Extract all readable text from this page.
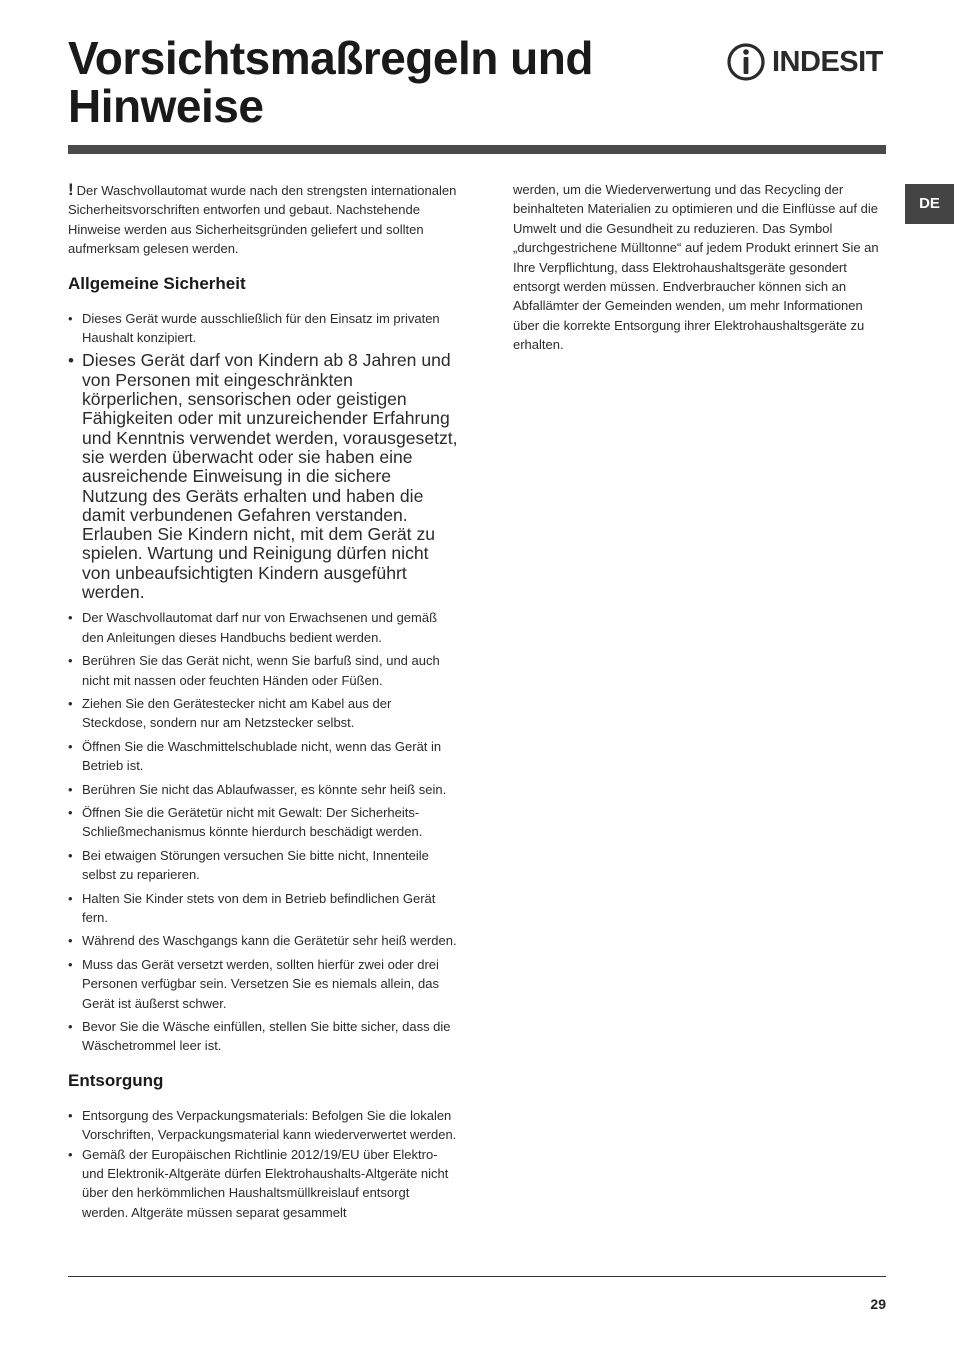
Vorsichtsmaßregeln und
Hinweise
INDESIT
DE

! Der Waschvollautomat wurde nach den strengsten internationalen Sicherheitsvorschriften entworfen und gebaut. Nachstehende Hinweise werden aus Sicherheitsgründen geliefert und sollten aufmerksam gelesen werden.

Allgemeine Sicherheit
• Dieses Gerät wurde ausschließlich für den Einsatz im privaten Haushalt konzipiert.
• Dieses Gerät darf von Kindern ab 8 Jahren und von Personen mit eingeschränkten körperlichen, sensorischen oder geistigen Fähigkeiten oder mit unzureichender Erfahrung und Kenntnis verwendet werden, vorausgesetzt, sie werden überwacht oder sie haben eine ausreichende Einweisung in die sichere Nutzung des Geräts erhalten und haben die damit verbundenen Gefahren verstanden. Erlauben Sie Kindern nicht, mit dem Gerät zu spielen. Wartung und Reinigung dürfen nicht von unbeaufsichtigten Kindern ausgeführt werden.
• Der Waschvollautomat darf nur von Erwachsenen und gemäß den Anleitungen dieses Handbuchs bedient werden.
• Berühren Sie das Gerät nicht, wenn Sie barfuß sind, und auch nicht mit nassen oder feuchten Händen oder Füßen.
• Ziehen Sie den Gerätestecker nicht am Kabel aus der Steckdose, sondern nur am Netzstecker selbst.
• Öffnen Sie die Waschmittelschublade nicht, wenn das Gerät in Betrieb ist.
• Berühren Sie nicht das Ablaufwasser, es könnte sehr heiß sein.
• Öffnen Sie die Gerätetür nicht mit Gewalt: Der Sicherheits-Schließmechanismus könnte hierdurch beschädigt werden.
• Bei etwaigen Störungen versuchen Sie bitte nicht, Innenteile selbst zu reparieren.
• Halten Sie Kinder stets von dem in Betrieb befindlichen Gerät fern.
• Während des Waschgangs kann die Gerätetür sehr heiß werden.
• Muss das Gerät versetzt werden, sollten hierfür zwei oder drei Personen verfügbar sein. Versetzen Sie es niemals allein, das Gerät ist äußerst schwer.
• Bevor Sie die Wäsche einfüllen, stellen Sie bitte sicher, dass die Wäschetrommel leer ist.
Entsorgung
• Entsorgung des Verpackungsmaterials: Befolgen Sie die lokalen Vorschriften, Verpackungsmaterial kann wiederverwertet werden.
• Gemäß der Europäischen Richtlinie 2012/19/EU über Elektro- und Elektronik-Altgeräte dürfen Elektrohaushalts-Altgeräte nicht über den herkömmlichen Haushaltsmüllkreislauf entsorgt werden. Altgeräte müssen separat gesammelt

werden, um die Wiederverwertung und das Recycling der beinhalteten Materialien zu optimieren und die Einflüsse auf die Umwelt und die Gesundheit zu reduzieren. Das Symbol „durchgestrichene Mülltonne“ auf jedem Produkt erinnert Sie an Ihre Verpflichtung, dass Elektrohaushaltsgeräte gesondert entsorgt werden müssen. Endverbraucher können sich an Abfallämter der Gemeinden wenden, um mehr Informationen über die korrekte Entsorgung ihrer Elektrohaushaltsgeräte zu erhalten.

29
